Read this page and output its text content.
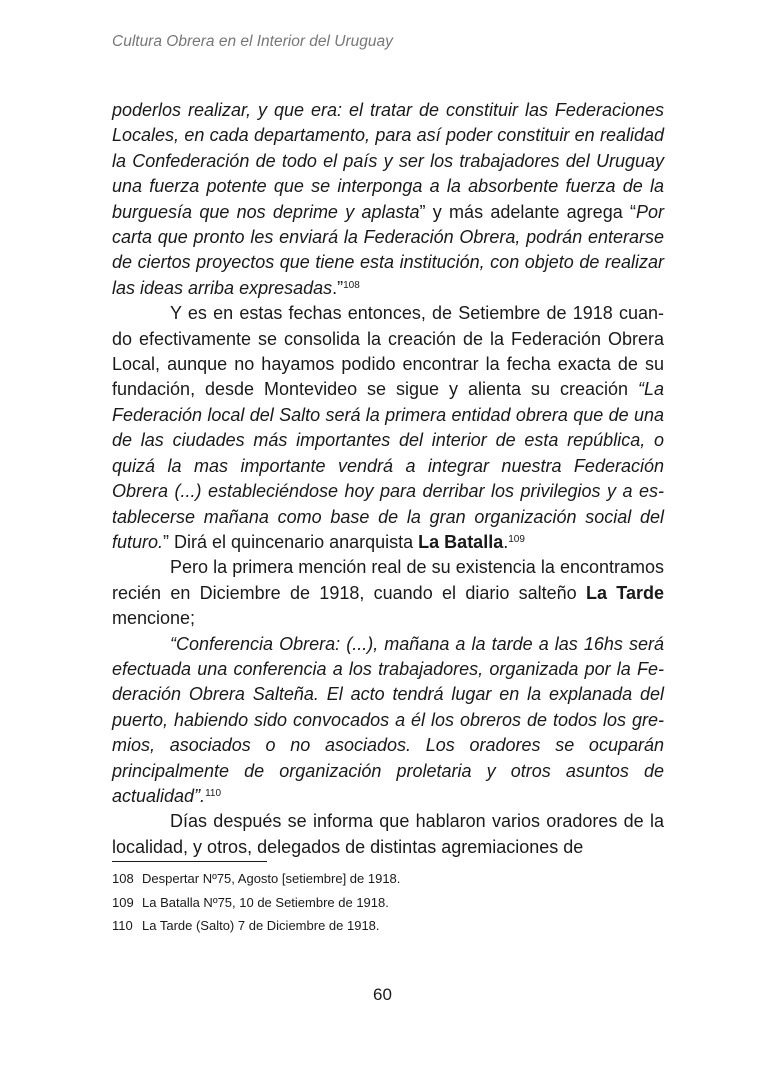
Cultura Obrera en el Interior del Uruguay

poderlos realizar, y que era: el tratar de constituir las Federaciones Locales, en cada departamento, para así poder constituir en realidad la Confederación de todo el país y ser los trabajadores del Uruguay una fuerza potente que se interponga a la absorbente fuerza de la burguesía que nos deprime y aplasta” y más adelante agrega “Por carta que pronto les enviará la Federación Obrera, podrán enterarse de ciertos proyectos que tiene esta institución, con objeto de realizar las ideas arriba expresadas.”$^{108}$

Y es en estas fechas entonces, de Setiembre de 1918 cuando efectivamente se consolida la creación de la Federación Obrera Local, aunque no hayamos podido encontrar la fecha exacta de su fundación, desde Montevideo se sigue y alienta su creación “La Federación local del Salto será la primera entidad obrera que de una de las ciudades más importantes del interior de esta república, o quizá la mas importante vendrá a integrar nuestra Federación Obrera (...) estableciéndose hoy para derribar los privilegios y a establecerse mañana como base de la gran organización social del futuro.” Dirá el quincenario anarquista La Batalla.$^{109}$

Pero la primera mención real de su existencia la encontramos recién en Diciembre de 1918, cuando el diario salteño La Tarde mencione;

“Conferencia Obrera: (...), mañana a la tarde a las 16hs será efectuada una conferencia a los trabajadores, organizada por la Federación Obrera Salteña. El acto tendrá lugar en la explanada del puerto, habiendo sido convocados a él los obreros de todos los gremios, asociados o no asociados. Los oradores se ocuparán principalmente de organización proletaria y otros asuntos de actualidad”.$^{110}$

Días después se informa que hablaron varios oradores de la localidad, y otros, delegados de distintas agremiaciones de

108 Despertar Nº75, Agosto [setiembre] de 1918.
109 La Batalla Nº75, 10 de Setiembre de 1918.
110 La Tarde (Salto) 7 de Diciembre de 1918.
60
